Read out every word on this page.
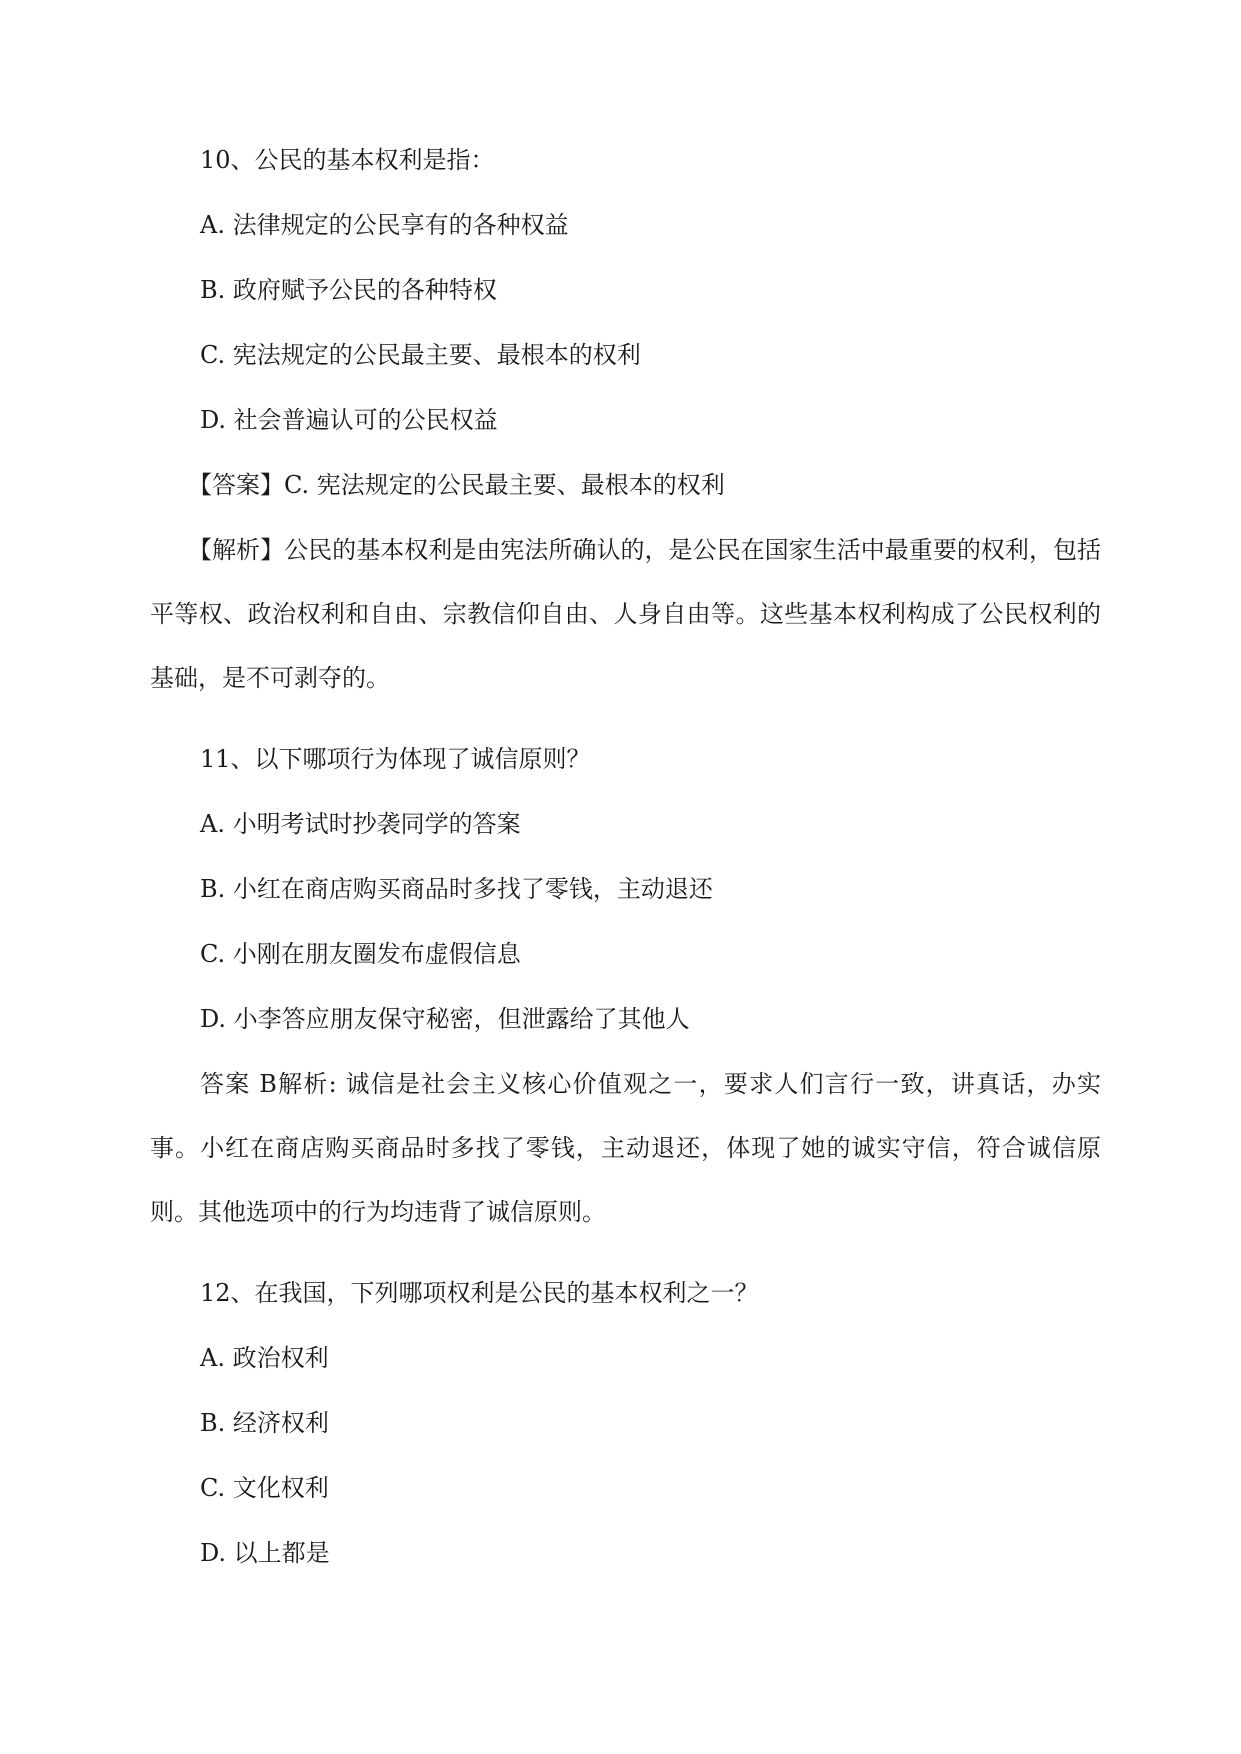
10、公民的基本权利是指：

A. 法律规定的公民享有的各种权益

B. 政府赋予公民的各种特权

C. 宪法规定的公民最主要、最根本的权利

D. 社会普遍认可的公民权益

【答案】C. 宪法规定的公民最主要、最根本的权利

【解析】公民的基本权利是由宪法所确认的，是公民在国家生活中最重要的权利，包括平等权、政治权利和自由、宗教信仰自由、人身自由等。这些基本权利构成了公民权利的基础，是不可剥夺的。

11、以下哪项行为体现了诚信原则？

A. 小明考试时抄袭同学的答案

B. 小红在商店购买商品时多找了零钱，主动退还

C. 小刚在朋友圈发布虚假信息

D. 小李答应朋友保守秘密，但泄露给了其他人

答案 B解析: 诚信是社会主义核心价值观之一，要求人们言行一致，讲真话，办实事。小红在商店购买商品时多找了零钱，主动退还，体现了她的诚实守信，符合诚信原则。其他选项中的行为均违背了诚信原则。

12、在我国，下列哪项权利是公民的基本权利之一？

A. 政治权利

B. 经济权利

C. 文化权利

D. 以上都是
